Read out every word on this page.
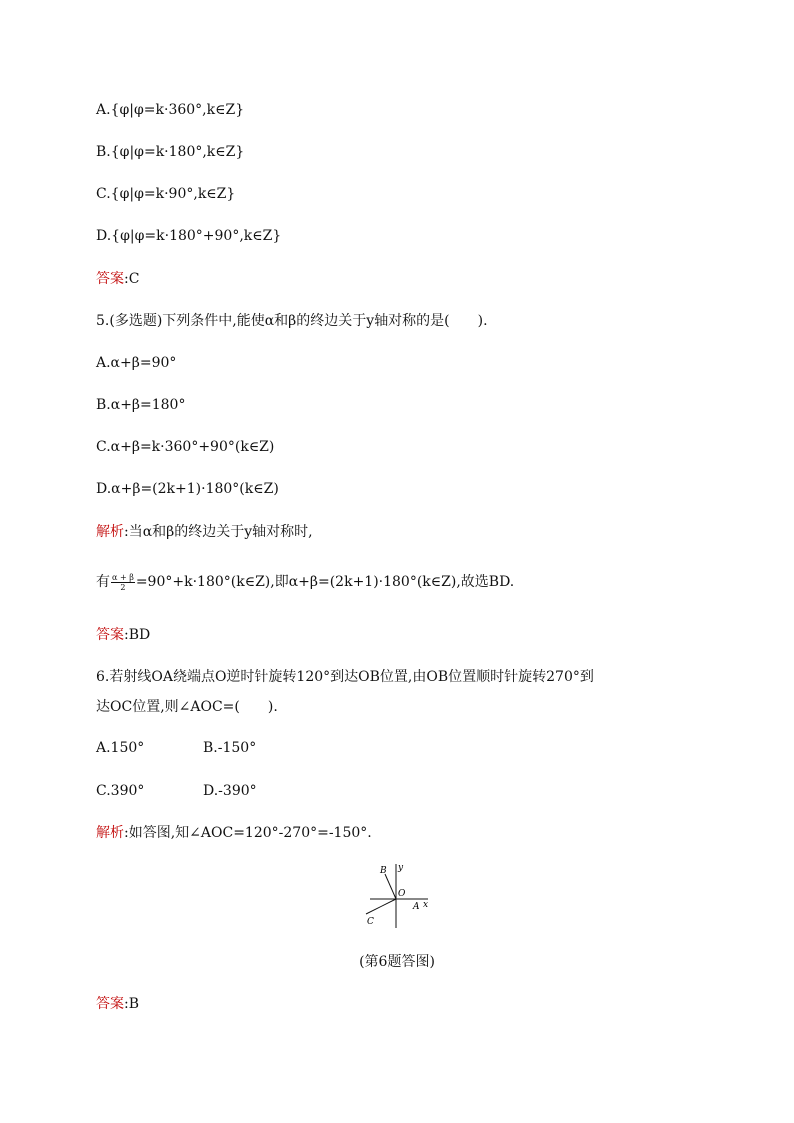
A.{φ|φ=k·360°,k∈Z}
B.{φ|φ=k·180°,k∈Z}
C.{φ|φ=k·90°,k∈Z}
D.{φ|φ=k·180°+90°,k∈Z}
答案:C
5.(多选题)下列条件中,能使α和β的终边关于y轴对称的是(　　).
A.α+β=90°
B.α+β=180°
C.α+β=k·360°+90°(k∈Z)
D.α+β=(2k+1)·180°(k∈Z)
解析:当α和β的终边关于y轴对称时,
有 $\frac{\alpha + \beta}{2}$ =90°+k·180°(k∈Z),即α+β=(2k+1)·180°(k∈Z),故选BD.
答案:BD
6.若射线OA绕端点O逆时针旋转120°到达OB位置,由OB位置顺时针旋转270°到
达OC位置,则∠AOC=(　　).
A.150°	B.-150°
C.390°	D.-390°
解析:如答图,知∠AOC=120°-270°=-150°.
B y
O
A x
C
(第6题答图)
答案:B
